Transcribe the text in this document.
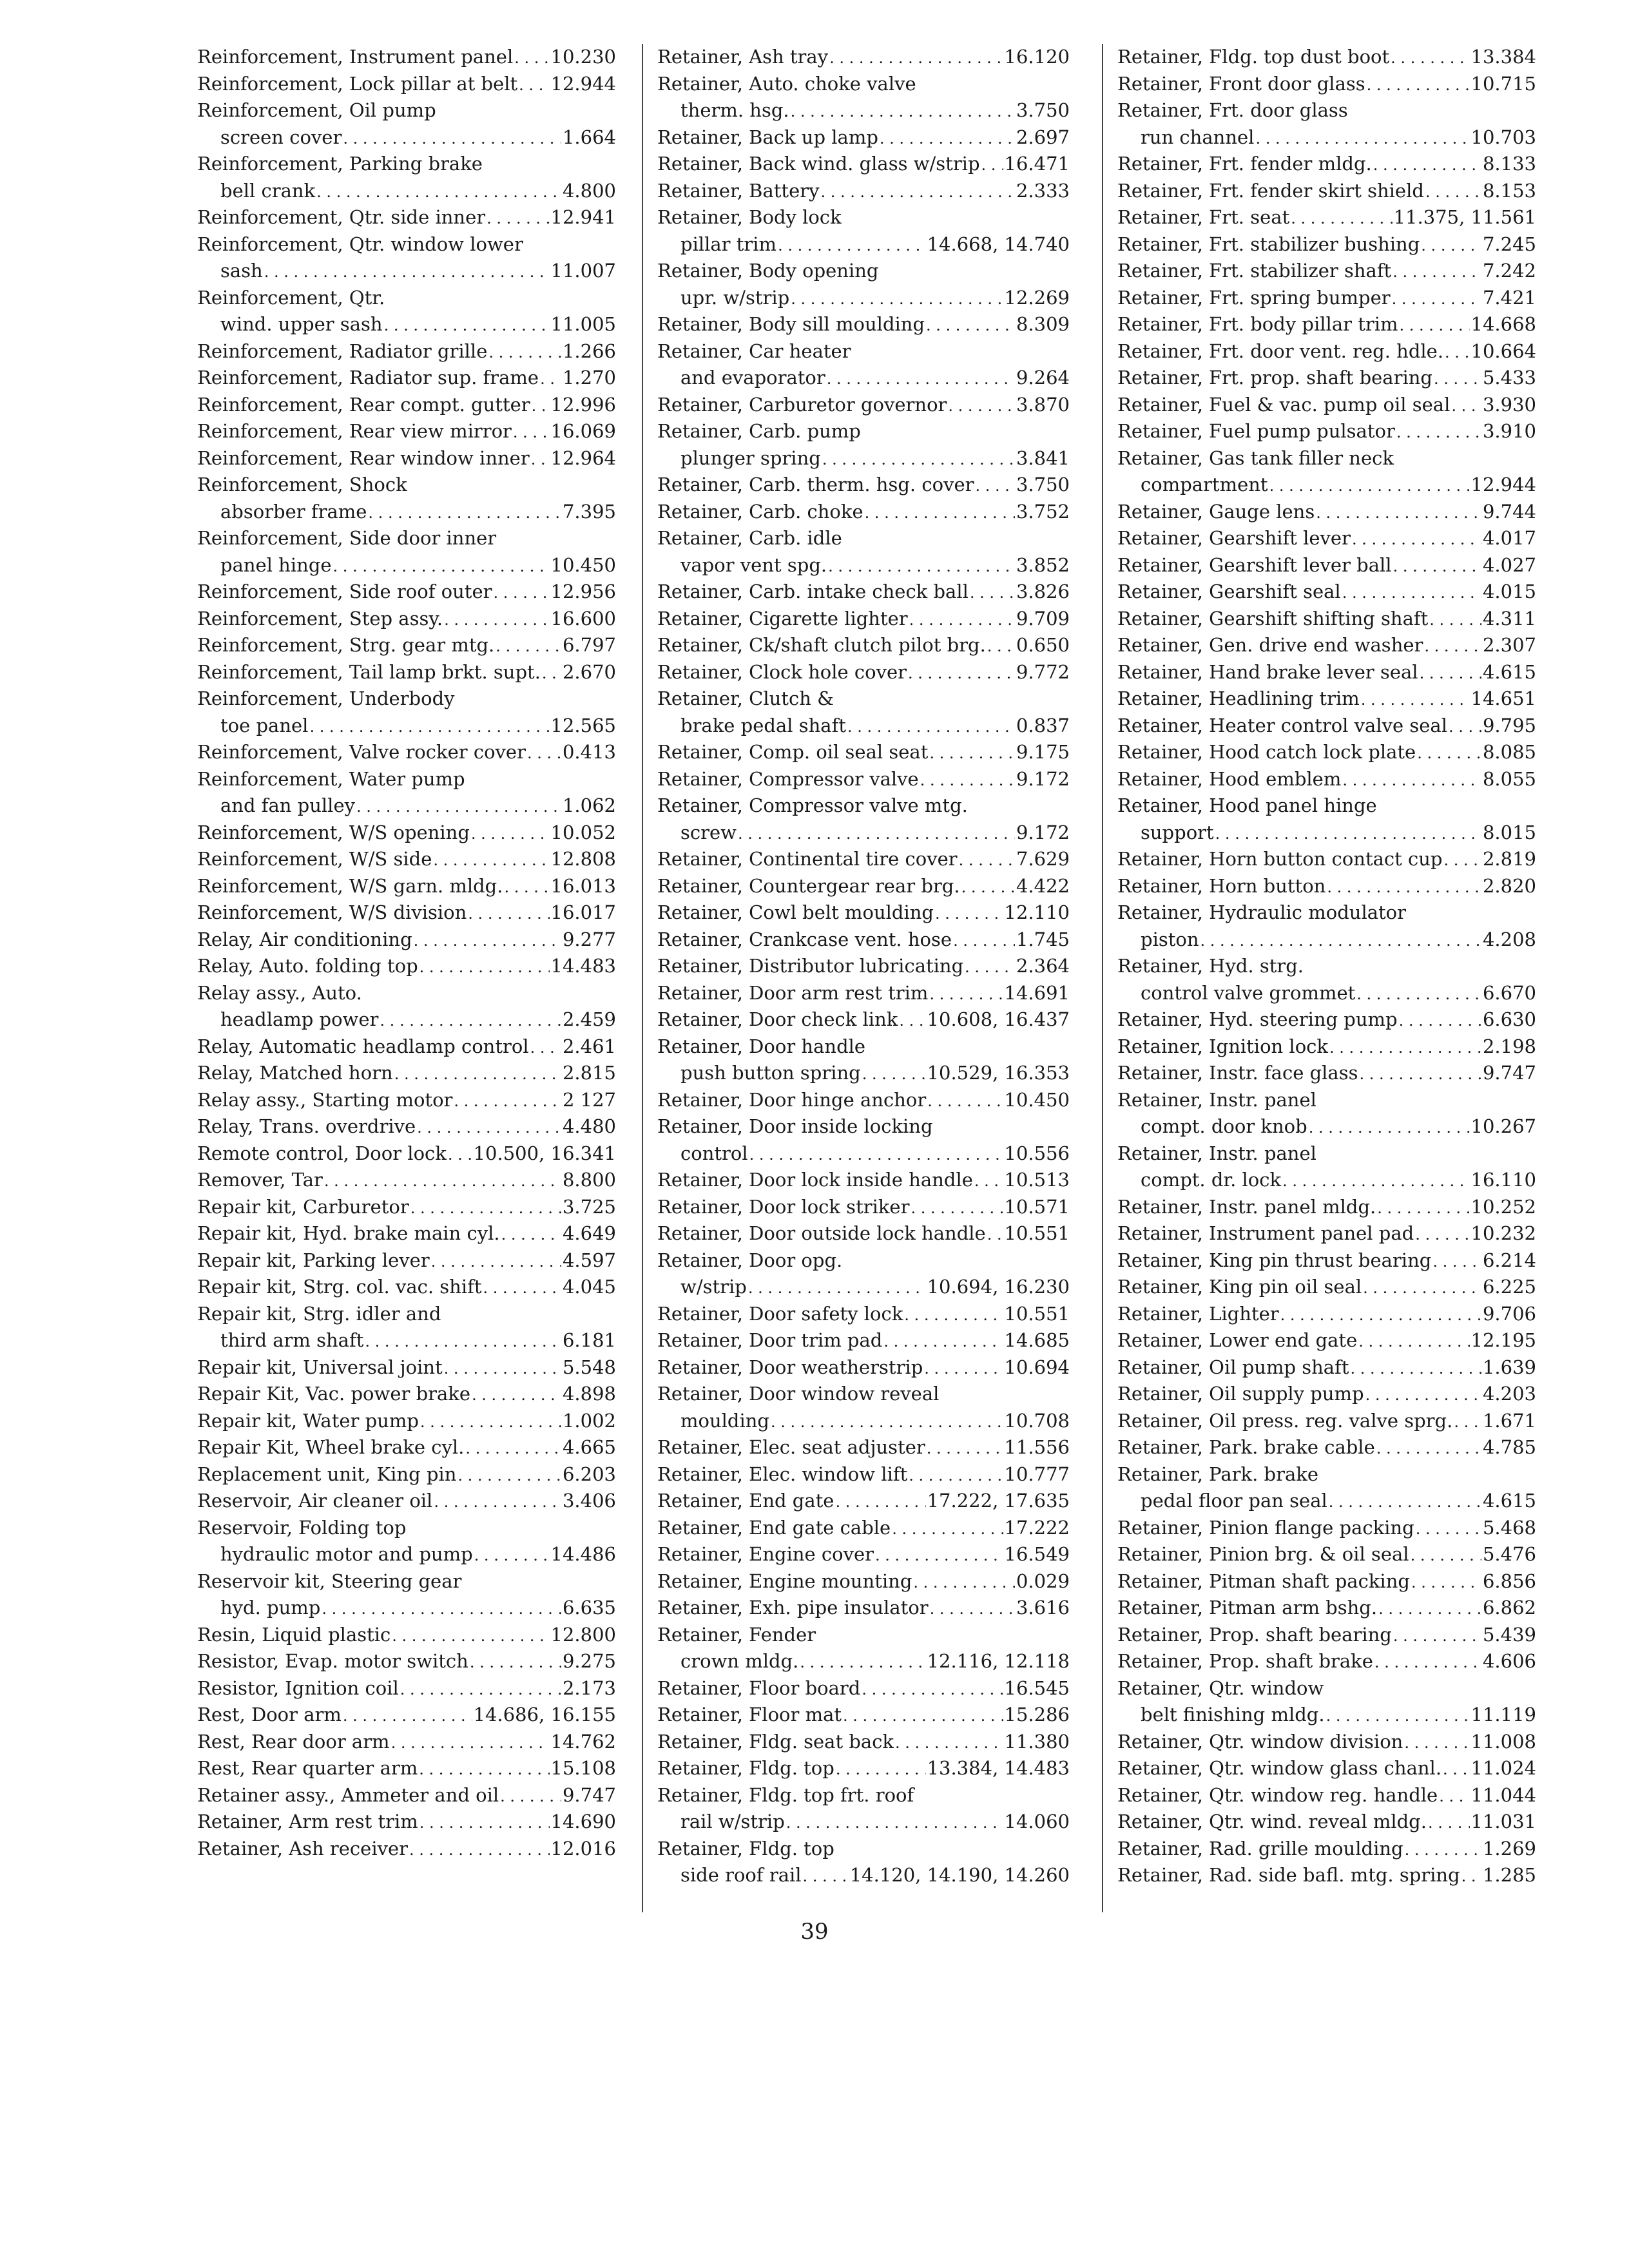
Reinforcement, Instrument panel . . . 10.230
Reinforcement, Lock pillar at belt . . . 12.944
Reinforcement, Oil pump
screen cover . . .	1.664
Reinforcement, Parking brake
bell crank . . .	4.800
Reinforcement, Qtr. side inner . . .	12.941
Reinforcement, Qtr. window lower
sash . . .	11.007
Reinforcement, Qtr.
wind. upper sash . . .	11.005
Reinforcement, Radiator grille . . .	1.266
Reinforcement, Radiator sup. frame . . . 1.270
Reinforcement, Rear compt. gutter . . . 12.996
Reinforcement, Rear view mirror . . . 16.069
Reinforcement, Rear window inner . . . 12.964
Reinforcement, Shock
absorber frame . . .	7.395
Reinforcement, Side door inner
panel hinge . . .	10.450
Reinforcement, Side roof outer . . .	12.956
Reinforcement, Step assy. . . .	16.600
Reinforcement, Strg. gear mtg. . . .	6.797
Reinforcement, Tail lamp brkt. supt. . . . 2.670
Reinforcement, Underbody
toe panel . . .	12.565
Reinforcement, Valve rocker cover . . . 0.413
Reinforcement, Water pump
and fan pulley . . .	1.062
Reinforcement, W/S opening . . .	10.052
Reinforcement, W/S side . . .	12.808
Reinforcement, W/S garn. mldg. . . .	16.013
Reinforcement, W/S division . . .	16.017
Relay, Air conditioning . . .	9.277
Relay, Auto. folding top . . .	14.483
Relay assy., Auto.
headlamp power . . .	2.459
Relay, Automatic headlamp control . . . 2.461
Relay, Matched horn . . .	2.815
Relay assy., Starting motor . . .	2 127
Relay, Trans. overdrive . . .	4.480
Remote control, Door lock . . . 10.500, 16.341
Remover, Tar . . .	8.800
Repair kit, Carburetor . . .	3.725
Repair kit, Hyd. brake main cyl. . . .	4.649
Repair kit, Parking lever . . .	4.597
Repair kit, Strg. col. vac. shift . . .	4.045
Repair kit, Strg. idler and
third arm shaft . . .	6.181
Repair kit, Universal joint . . .	5.548
Repair Kit, Vac. power brake . . .	4.898
Repair kit, Water pump . . .	1.002
Repair Kit, Wheel brake cyl. . . .	4.665
Replacement unit, King pin . . .	6.203
Reservoir, Air cleaner oil . . .	3.406
Reservoir, Folding top
hydraulic motor and pump . . .	14.486
Reservoir kit, Steering gear
hyd. pump . . .	6.635
Resin, Liquid plastic . . .	12.800
Resistor, Evap. motor switch . . .	9.275
Resistor, Ignition coil . . .	2.173
Rest, Door arm . . .	14.686, 16.155
Rest, Rear door arm . . .	14.762
Rest, Rear quarter arm . . .	15.108
Retainer assy., Ammeter and oil . . .	9.747
Retainer, Arm rest trim . . .	14.690
Retainer, Ash receiver . . .	12.016
Retainer, Ash tray . . .	16.120
Retainer, Auto. choke valve
therm. hsg. . . .	3.750
Retainer, Back up lamp . . .	2.697
Retainer, Back wind. glass w/strip . . . 16.471
Retainer, Battery . . .	2.333
Retainer, Body lock
pillar trim . . .	14.668, 14.740
Retainer, Body opening
upr. w/strip . . .	12.269
Retainer, Body sill moulding . . .	8.309
Retainer, Car heater
and evaporator . . .	9.264
Retainer, Carburetor governor . . .	3.870
Retainer, Carb. pump
plunger spring . . .	3.841
Retainer, Carb. therm. hsg. cover . . . 3.750
Retainer, Carb. choke . . .	3.752
Retainer, Carb. idle
vapor vent spg. . . .	3.852
Retainer, Carb. intake check ball . . .	3.826
Retainer, Cigarette lighter . . .	9.709
Retainer, Ck/shaft clutch pilot brg. . . . 0.650
Retainer, Clock hole cover . . .	9.772
Retainer, Clutch &
brake pedal shaft . . .	0.837
Retainer, Comp. oil seal seat . . .	9.175
Retainer, Compressor valve . . .	9.172
Retainer, Compressor valve mtg.
screw . . .	9.172
Retainer, Continental tire cover . . .	7.629
Retainer, Countergear rear brg. . . .	4.422
Retainer, Cowl belt moulding . . .	12.110
Retainer, Crankcase vent. hose . . .	1.745
Retainer, Distributor lubricating . . .	2.364
Retainer, Door arm rest trim . . .	14.691
Retainer, Door check link . . . 10.608, 16.437
Retainer, Door handle
push button spring . . .	10.529, 16.353
Retainer, Door hinge anchor . . .	10.450
Retainer, Door inside locking
control . . .	10.556
Retainer, Door lock inside handle . . . 10.513
Retainer, Door lock striker . . .	10.571
Retainer, Door outside lock handle . . . 10.551
Retainer, Door opg.
w/strip . . .	10.694, 16.230
Retainer, Door safety lock . . .	10.551
Retainer, Door trim pad . . .	14.685
Retainer, Door weatherstrip . . .	10.694
Retainer, Door window reveal
moulding . . .	10.708
Retainer, Elec. seat adjuster . . .	11.556
Retainer, Elec. window lift . . .	10.777
Retainer, End gate . . .	17.222, 17.635
Retainer, End gate cable . . .	17.222
Retainer, Engine cover . . .	16.549
Retainer, Engine mounting . . .	0.029
Retainer, Exh. pipe insulator . . .	3.616
Retainer, Fender
crown mldg. . . .	12.116, 12.118
Retainer, Floor board . . .	16.545
Retainer, Floor mat . . .	15.286
Retainer, Fldg. seat back . . .	11.380
Retainer, Fldg. top . . .	13.384, 14.483
Retainer, Fldg. top frt. roof
rail w/strip . . .	14.060
Retainer, Fldg. top
side roof rail . . .	14.120, 14.190, 14.260
Retainer, Fldg. top dust boot . . .	13.384
Retainer, Front door glass . . .	10.715
Retainer, Frt. door glass
run channel . . .	10.703
Retainer, Frt. fender mldg. . . .	8.133
Retainer, Frt. fender skirt shield . . .	8.153
Retainer, Frt. seat . . .	11.375, 11.561
Retainer, Frt. stabilizer bushing . . .	7.245
Retainer, Frt. stabilizer shaft . . .	7.242
Retainer, Frt. spring bumper . . .	7.421
Retainer, Frt. body pillar trim . . .	14.668
Retainer, Frt. door vent. reg. hdle. . . . 10.664
Retainer, Frt. prop. shaft bearing . . .	5.433
Retainer, Fuel & vac. pump oil seal . . . 3.930
Retainer, Fuel pump pulsator . . .	3.910
Retainer, Gas tank filler neck
compartment . . .	12.944
Retainer, Gauge lens . . .	9.744
Retainer, Gearshift lever . . .	4.017
Retainer, Gearshift lever ball . . .	4.027
Retainer, Gearshift seal . . .	4.015
Retainer, Gearshift shifting shaft . . .	4.311
Retainer, Gen. drive end washer . . .	2.307
Retainer, Hand brake lever seal . . .	4.615
Retainer, Headlining trim . . .	14.651
Retainer, Heater control valve seal . . . 9.795
Retainer, Hood catch lock plate . . .	8.085
Retainer, Hood emblem . . .	8.055
Retainer, Hood panel hinge
support . . .	8.015
Retainer, Horn button contact cup . . . 2.819
Retainer, Horn button . . .	2.820
Retainer, Hydraulic modulator
piston . . .	4.208
Retainer, Hyd. strg.
control valve grommet . . .	6.670
Retainer, Hyd. steering pump . . .	6.630
Retainer, Ignition lock . . .	2.198
Retainer, Instr. face glass . . .	9.747
Retainer, Instr. panel
compt. door knob . . .	10.267
Retainer, Instr. panel
compt. dr. lock . . .	16.110
Retainer, Instr. panel mldg. . . .	10.252
Retainer, Instrument panel pad . . .	10.232
Retainer, King pin thrust bearing . . .	6.214
Retainer, King pin oil seal . . .	6.225
Retainer, Lighter . . .	9.706
Retainer, Lower end gate . . .	12.195
Retainer, Oil pump shaft . . .	1.639
Retainer, Oil supply pump . . .	4.203
Retainer, Oil press. reg. valve sprg. . . . 1.671
Retainer, Park. brake cable . . .	4.785
Retainer, Park. brake
pedal floor pan seal . . .	4.615
Retainer, Pinion flange packing . . .	5.468
Retainer, Pinion brg. & oil seal . . .	5.476
Retainer, Pitman shaft packing . . .	6.856
Retainer, Pitman arm bshg. . . .	6.862
Retainer, Prop. shaft bearing . . .	5.439
Retainer, Prop. shaft brake . . .	4.606
Retainer, Qtr. window
belt finishing mldg. . . .	11.119
Retainer, Qtr. window division . . .	11.008
Retainer, Qtr. window glass chanl. . . . 11.024
Retainer, Qtr. window reg. handle . . . 11.044
Retainer, Qtr. wind. reveal mldg. . . . 11.031
Retainer, Rad. grille moulding . . .	1.269
Retainer, Rad. side bafl. mtg. spring . . . 1.285
39
